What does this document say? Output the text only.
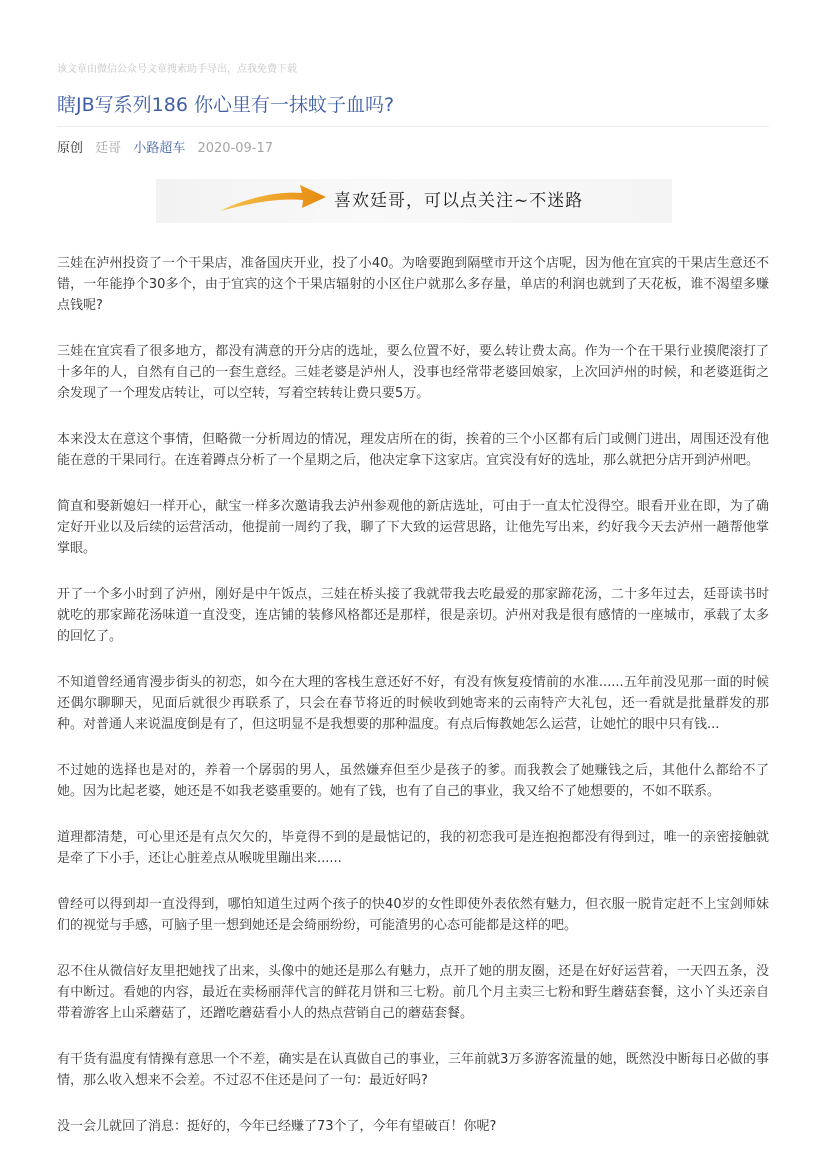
该文章由微信公众号文章搜索助手导出，点我免费下载
瞎JB写系列186 你心里有一抹蚊子血吗?
原创 廷哥 小路超车 2020-09-17
喜欢廷哥，可以点关注~不迷路

三娃在泸州投资了一个干果店，准备国庆开业，投了小40。为啥要跑到隔壁市开这个店呢，因为他在宜宾的干果店生意还不错，一年能挣个30多个，由于宜宾的这个干果店辐射的小区住户就那么多存量，单店的利润也就到了天花板，谁不渴望多赚点钱呢?

三娃在宜宾看了很多地方，都没有满意的开分店的选址，要么位置不好，要么转让费太高。作为一个在干果行业摸爬滚打了十多年的人，自然有自己的一套生意经。三娃老婆是泸州人，没事也经常带老婆回娘家，上次回泸州的时候，和老婆逛街之余发现了一个理发店转让，可以空转，写着空转转让费只要5万。

本来没太在意这个事情，但略微一分析周边的情况，理发店所在的街，挨着的三个小区都有后门或侧门进出，周围还没有他能在意的干果同行。在连着蹲点分析了一个星期之后，他决定拿下这家店。宜宾没有好的选址，那么就把分店开到泸州吧。

简直和娶新媳妇一样开心，献宝一样多次邀请我去泸州参观他的新店选址，可由于一直太忙没得空。眼看开业在即，为了确定好开业以及后续的运营活动，他提前一周约了我，聊了下大致的运营思路，让他先写出来，约好我今天去泸州一趟帮他掌掌眼。

开了一个多小时到了泸州，刚好是中午饭点，三娃在桥头接了我就带我去吃最爱的那家蹄花汤，二十多年过去，廷哥读书时就吃的那家蹄花汤味道一直没变，连店铺的装修风格都还是那样，很是亲切。泸州对我是很有感情的一座城市，承载了太多的回忆了。

不知道曾经通宵漫步街头的初恋，如今在大理的客栈生意还好不好，有没有恢复疫情前的水准......五年前没见那一面的时候还偶尔聊聊天，见面后就很少再联系了，只会在春节将近的时候收到她寄来的云南特产大礼包，还一看就是批量群发的那种。对普通人来说温度倒是有了，但这明显不是我想要的那种温度。有点后悔教她怎么运营，让她忙的眼中只有钱...

不过她的选择也是对的，养着一个孱弱的男人，虽然嫌弃但至少是孩子的爹。而我教会了她赚钱之后，其他什么都给不了她。因为比起老婆，她还是不如我老婆重要的。她有了钱，也有了自己的事业，我又给不了她想要的，不如不联系。

道理都清楚，可心里还是有点欠欠的，毕竟得不到的是最惦记的，我的初恋我可是连抱抱都没有得到过，唯一的亲密接触就是牵了下小手，还让心脏差点从喉咙里蹦出来......

曾经可以得到却一直没得到，哪怕知道生过两个孩子的快40岁的女性即使外表依然有魅力，但衣服一脱肯定赶不上宝剑师妹们的视觉与手感，可脑子里一想到她还是会绮丽纷纷，可能渣男的心态可能都是这样的吧。

忍不住从微信好友里把她找了出来，头像中的她还是那么有魅力，点开了她的朋友圈，还是在好好运营着，一天四五条，没有中断过。看她的内容，最近在卖杨丽萍代言的鲜花月饼和三七粉。前几个月主卖三七粉和野生蘑菇套餐，这小丫头还亲自带着游客上山采蘑菇了，还蹭吃蘑菇看小人的热点营销自己的蘑菇套餐。

有干货有温度有情操有意思一个不差，确实是在认真做自己的事业，三年前就3万多游客流量的她，既然没中断每日必做的事情，那么收入想来不会差。不过忍不住还是问了一句：最近好吗?

没一会儿就回了消息：挺好的，今年已经赚了73个了，今年有望破百！你呢?
